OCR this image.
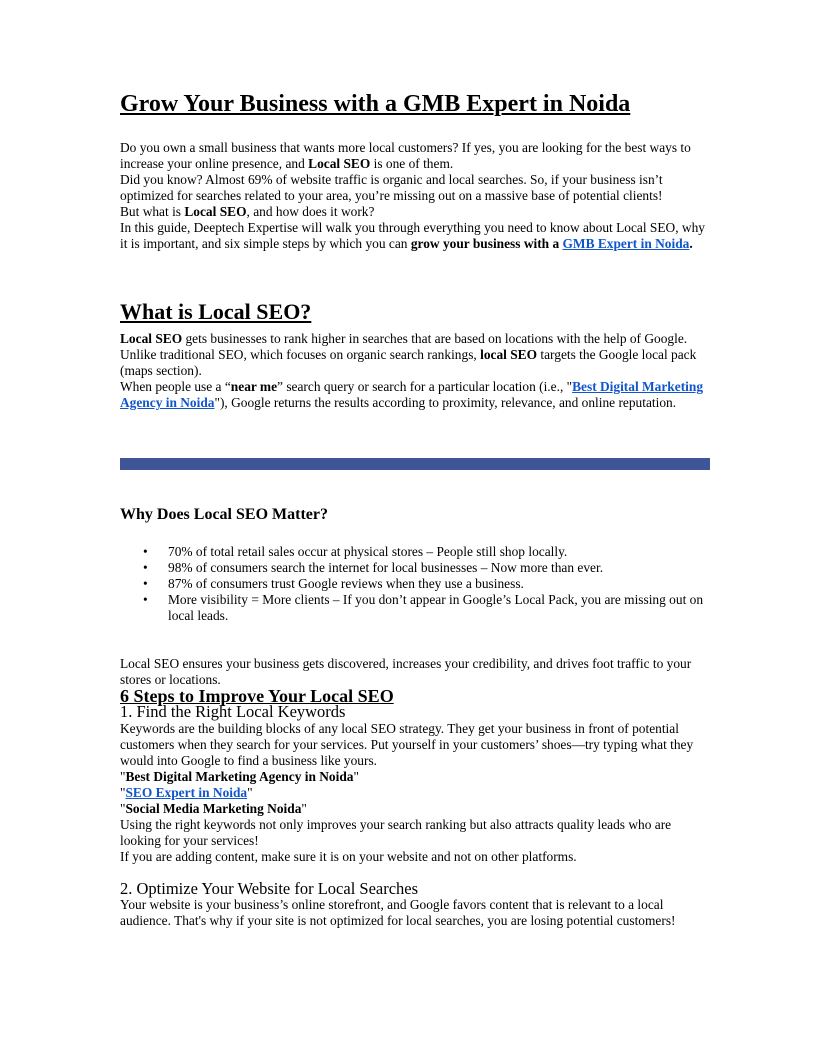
Grow Your Business with a GMB Expert in Noida

Do you own a small business that wants more local customers? If yes, you are looking for the best ways to increase your online presence, and Local SEO is one of them.

Did you know? Almost 69% of website traffic is organic and local searches. So, if your business isn’t optimized for searches related to your area, you’re missing out on a massive base of potential clients!

But what is Local SEO, and how does it work?

In this guide, Deeptech Expertise will walk you through everything you need to know about Local SEO, why it is important, and six simple steps by which you can grow your business with a GMB Expert in Noida.

What is Local SEO?

Local SEO gets businesses to rank higher in searches that are based on locations with the help of Google. Unlike traditional SEO, which focuses on organic search rankings, local SEO targets the Google local pack (maps section).

When people use a “near me” search query or search for a particular location (i.e., "Best Digital Marketing Agency in Noida"), Google returns the results according to proximity, relevance, and online reputation.

Why Does Local SEO Matter?
• 70% of total retail sales occur at physical stores – People still shop locally.
• 98% of consumers search the internet for local businesses – Now more than ever.
• 87% of consumers trust Google reviews when they use a business.
• More visibility = More clients – If you don’t appear in Google’s Local Pack, you are missing out on local leads.

Local SEO ensures your business gets discovered, increases your credibility, and drives foot traffic to your stores or locations.

6 Steps to Improve Your Local SEO

1. Find the Right Local Keywords

Keywords are the building blocks of any local SEO strategy. They get your business in front of potential customers when they search for your services. Put yourself in your customers’ shoes—try typing what they would into Google to find a business like yours.

"Best Digital Marketing Agency in Noida"

"SEO Expert in Noida"

"Social Media Marketing Noida"

Using the right keywords not only improves your search ranking but also attracts quality leads who are looking for your services!

If you are adding content, make sure it is on your website and not on other platforms.

2. Optimize Your Website for Local Searches

Your website is your business’s online storefront, and Google favors content that is relevant to a local audience. That's why if your site is not optimized for local searches, you are losing potential customers!
